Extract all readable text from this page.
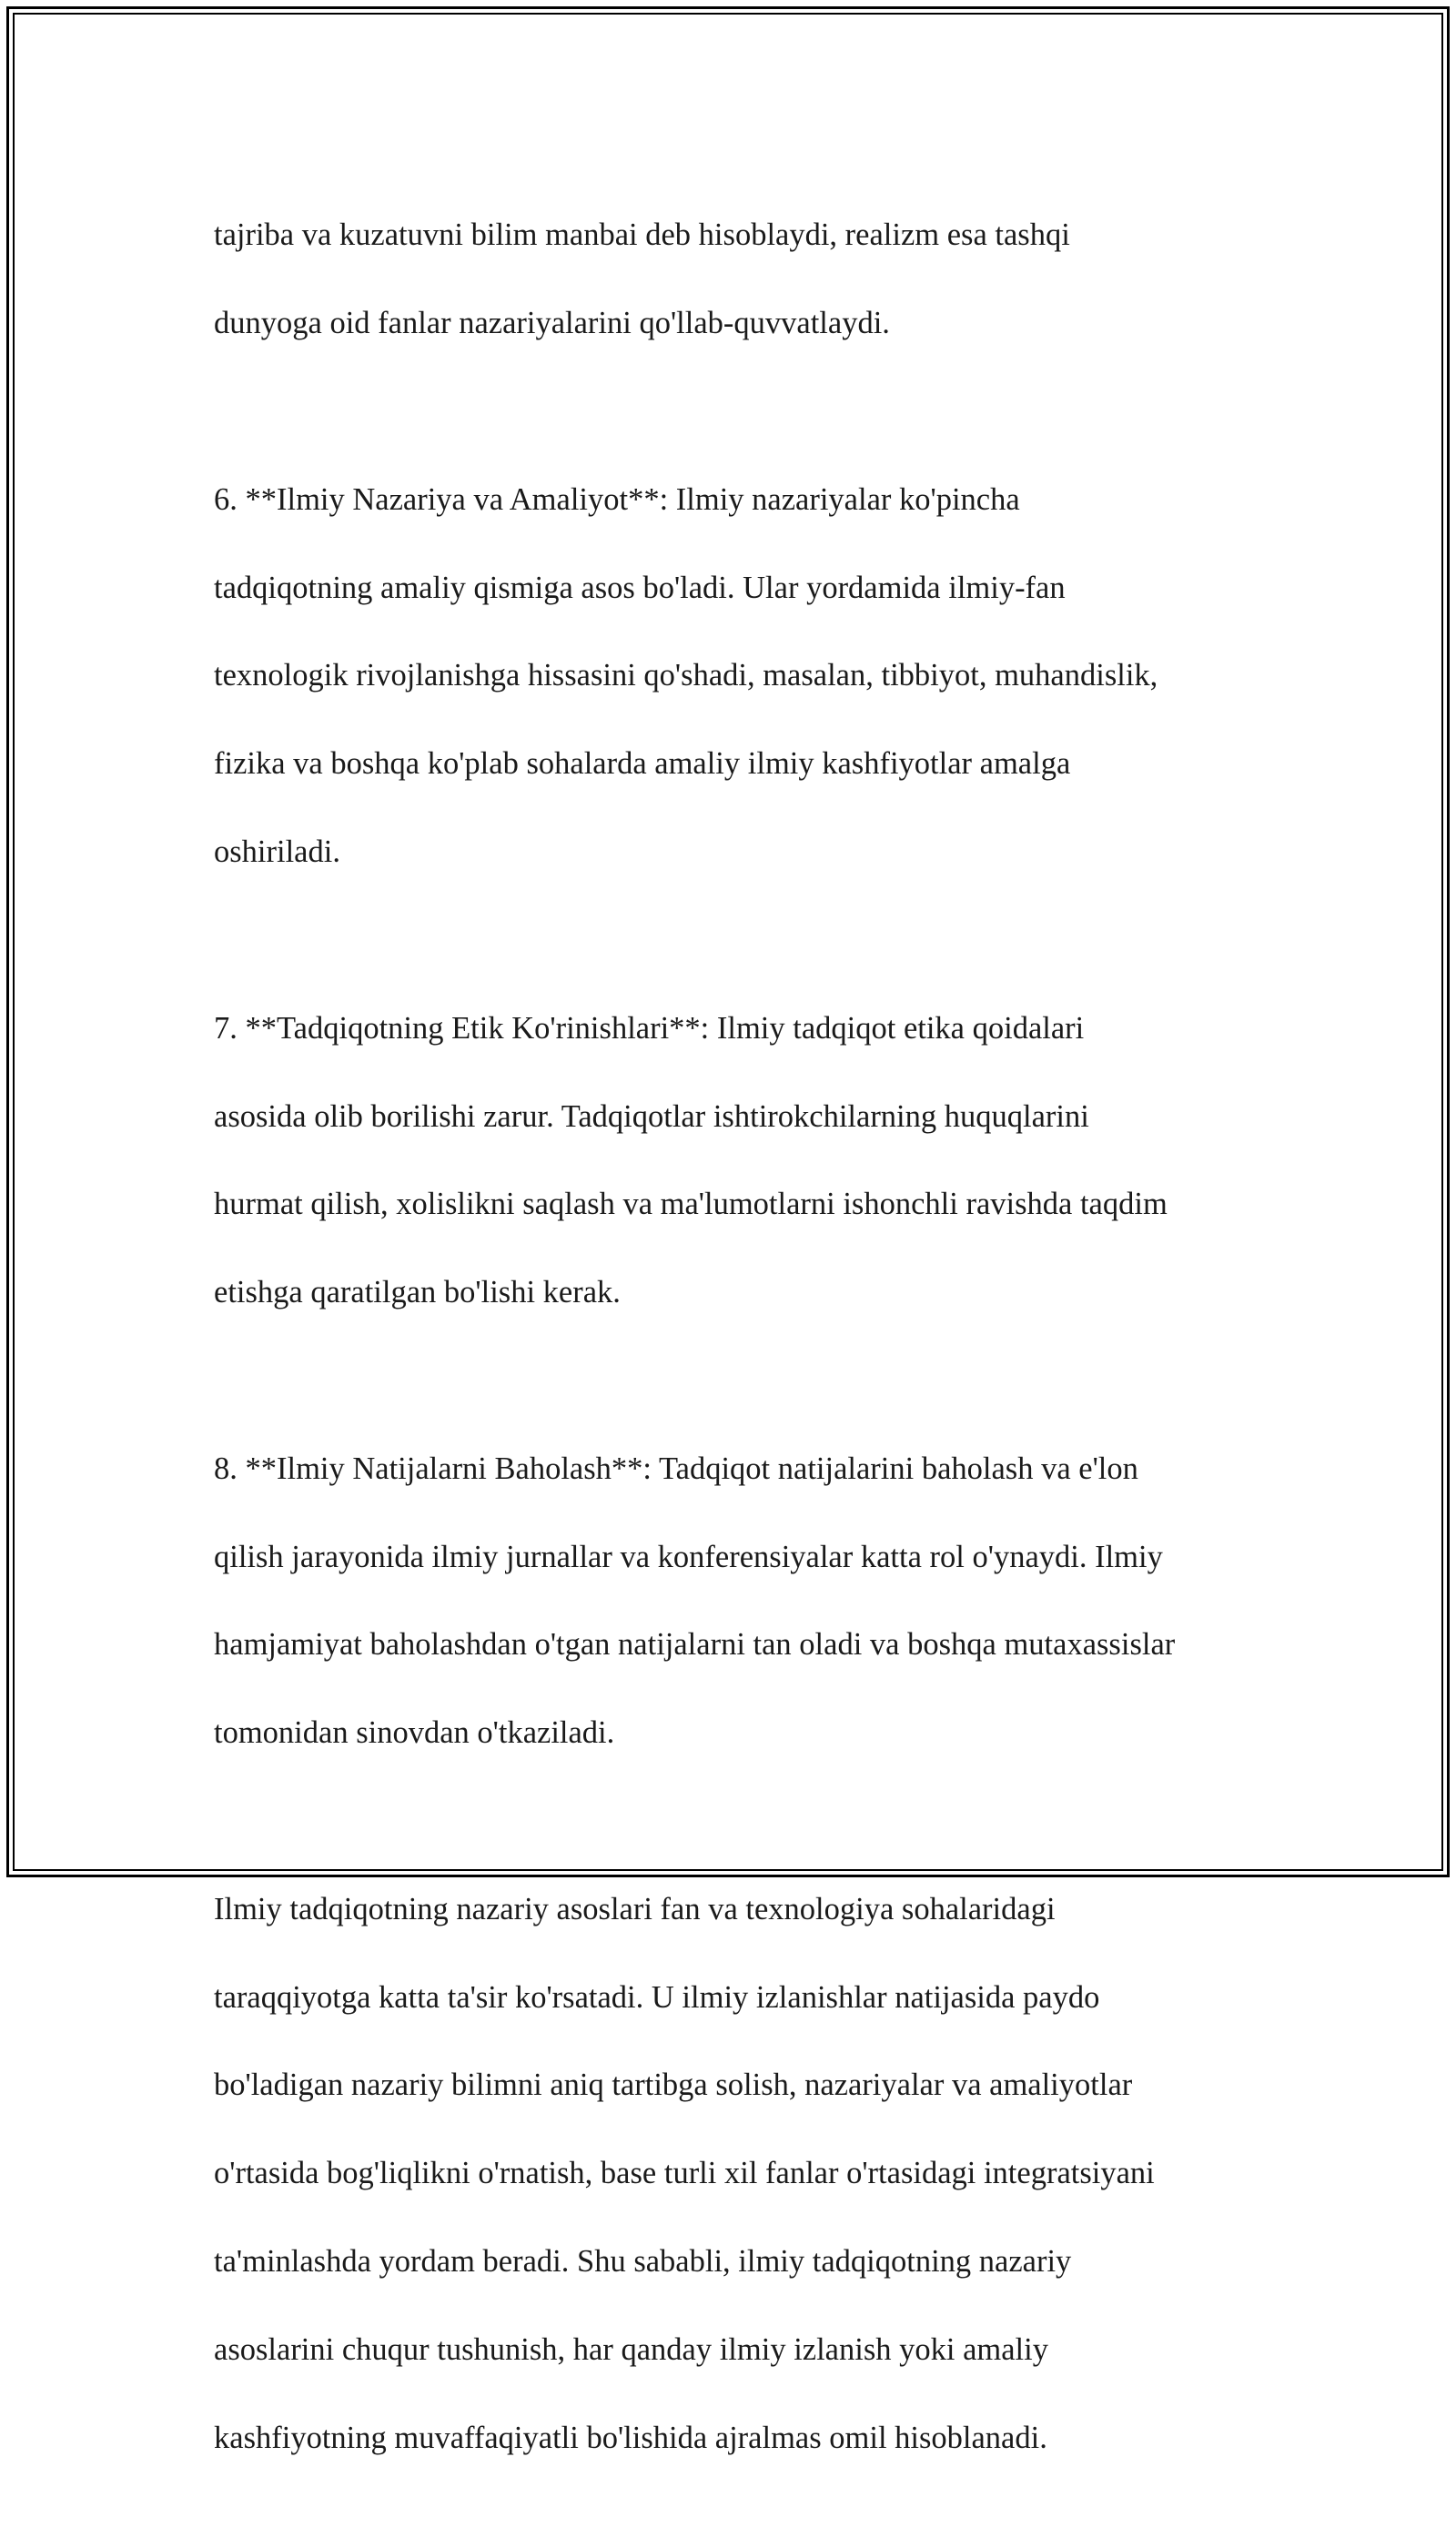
tajriba va kuzatuvni bilim manbai deb hisoblaydi, realizm esa tashqi

dunyoga oid fanlar nazariyalarini qo'llab-quvvatlaydi.

6. **Ilmiy Nazariya va Amaliyot**: Ilmiy nazariyalar ko'pincha

tadqiqotning amaliy qismiga asos bo'ladi. Ular yordamida ilmiy-fan

texnologik rivojlanishga hissasini qo'shadi, masalan, tibbiyot, muhandislik,

fizika va boshqa ko'plab sohalarda amaliy ilmiy kashfiyotlar amalga

oshiriladi.

7. **Tadqiqotning Etik Ko'rinishlari**: Ilmiy tadqiqot etika qoidalari

asosida olib borilishi zarur. Tadqiqotlar ishtirokchilarning huquqlarini

hurmat qilish, xolislikni saqlash va ma'lumotlarni ishonchli ravishda taqdim

etishga qaratilgan bo'lishi kerak.

8. **Ilmiy Natijalarni Baholash**: Tadqiqot natijalarini baholash va e'lon

qilish jarayonida ilmiy jurnallar va konferensiyalar katta rol o'ynaydi. Ilmiy

hamjamiyat baholashdan o'tgan natijalarni tan oladi va boshqa mutaxassislar

tomonidan sinovdan o'tkaziladi.

Ilmiy tadqiqotning nazariy asoslari fan va texnologiya sohalaridagi

taraqqiyotga katta ta'sir ko'rsatadi. U ilmiy izlanishlar natijasida paydo

bo'ladigan nazariy bilimni aniq tartibga solish, nazariyalar va amaliyotlar

o'rtasida bog'liqlikni o'rnatish, base turli xil fanlar o'rtasidagi integratsiyani

ta'minlashda yordam beradi. Shu sababli, ilmiy tadqiqotning nazariy

asoslarini chuqur tushunish, har qanday ilmiy izlanish yoki amaliy

kashfiyotning muvaffaqiyatli bo'lishida ajralmas omil hisoblanadi.
